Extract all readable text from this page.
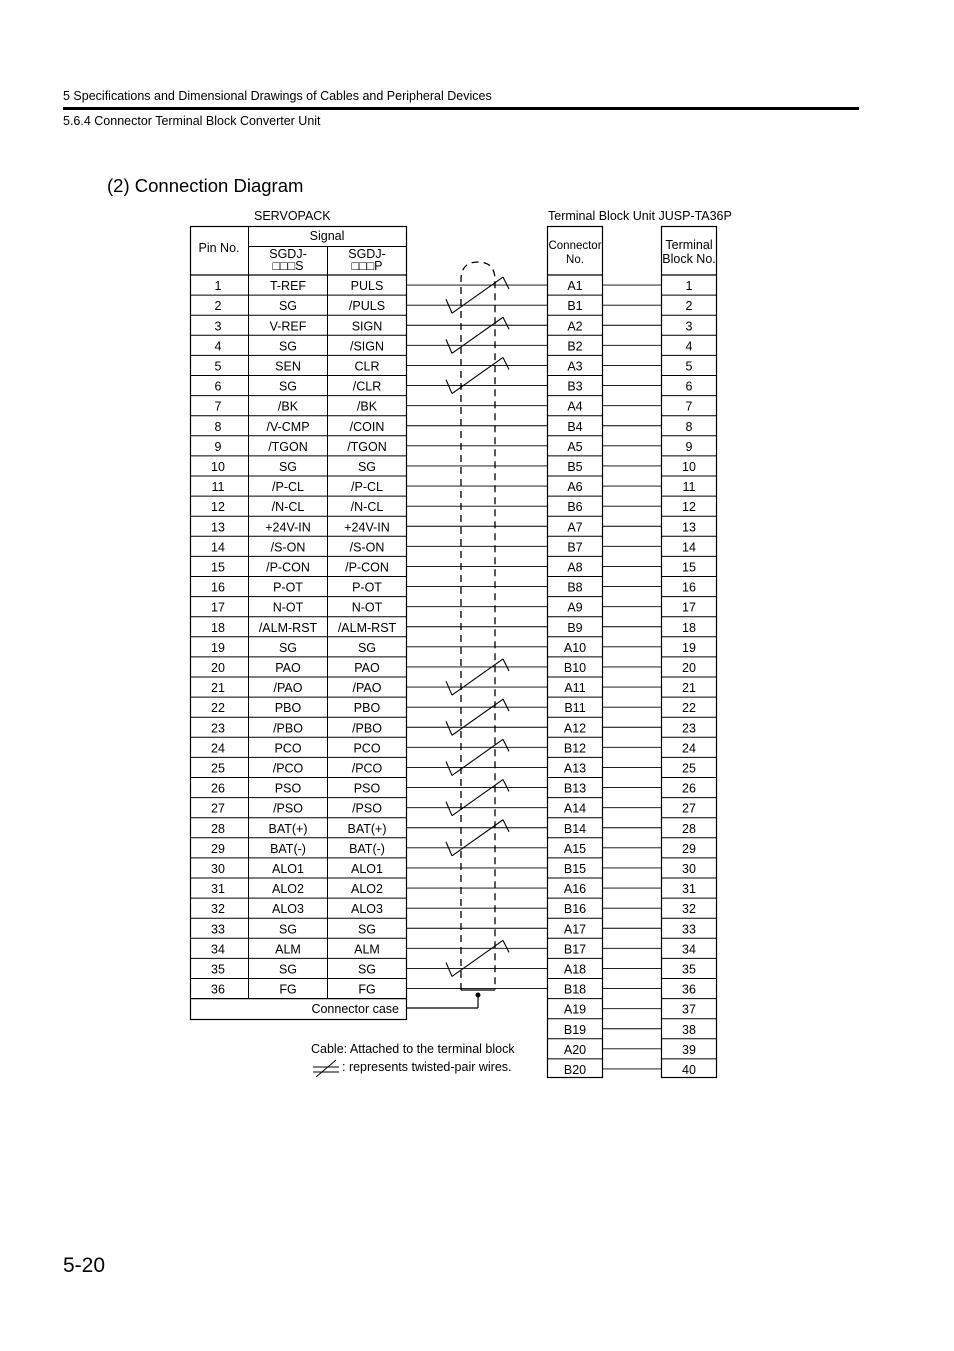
5 Specifications and Dimensional Drawings of Cables and Peripheral Devices
5.6.4 Connector Terminal Block Converter Unit
(2) Connection Diagram
SERVOPACK	Terminal Block Unit JUSP-TA36P
Pin No.
Signal
SGDJ-
□□□S
SGDJ-
□□□P
Connector
No.
Terminal
Block No.
Connector case
1	T-REF	PULS	A1	1
2	SG	/PULS	B1	2
3	V-REF	SIGN	A2	3
4	SG	/SIGN	B2	4
5	SEN	CLR	A3	5
6	SG	/CLR	B3	6
7	/BK	/BK	A4	7
8	/V-CMP	/COIN	B4	8
9	/TGON	/TGON	A5	9
10	SG	SG	B5	10
11	/P-CL	/P-CL	A6	11
12	/N-CL	/N-CL	B6	12
13	+24V-IN	+24V-IN	A7	13
14	/S-ON	/S-ON	B7	14
15	/P-CON	/P-CON	A8	15
16	P-OT	P-OT	B8	16
17	N-OT	N-OT	A9	17
18	/ALM-RST /ALM-RST	B9	18
19	SG	SG	A10	19
20	PAO	PAO	B10	20
21	/PAO	/PAO	A11	21
22	PBO	PBO	B11	22
23	/PBO	/PBO	A12	23
24	PCO	PCO	B12	24
25	/PCO	/PCO	A13	25
26	PSO	PSO	B13	26
27	/PSO	/PSO	A14	27
28	BAT(+)	BAT(+)	B14	28
29	BAT(-)	BAT(-)	A15	29
30	ALO1	ALO1	B15	30
31	ALO2	ALO2	A16	31
32	ALO3	ALO3	B16	32
33	SG	SG	A17	33
34	ALM	ALM	B17	34
35	SG	SG	A18	35
36	FG	FG	B18	36
A19	37
B19	38
A20	39
B20	40
Cable: Attached to the terminal block
: represents twisted-pair wires.
5-20
